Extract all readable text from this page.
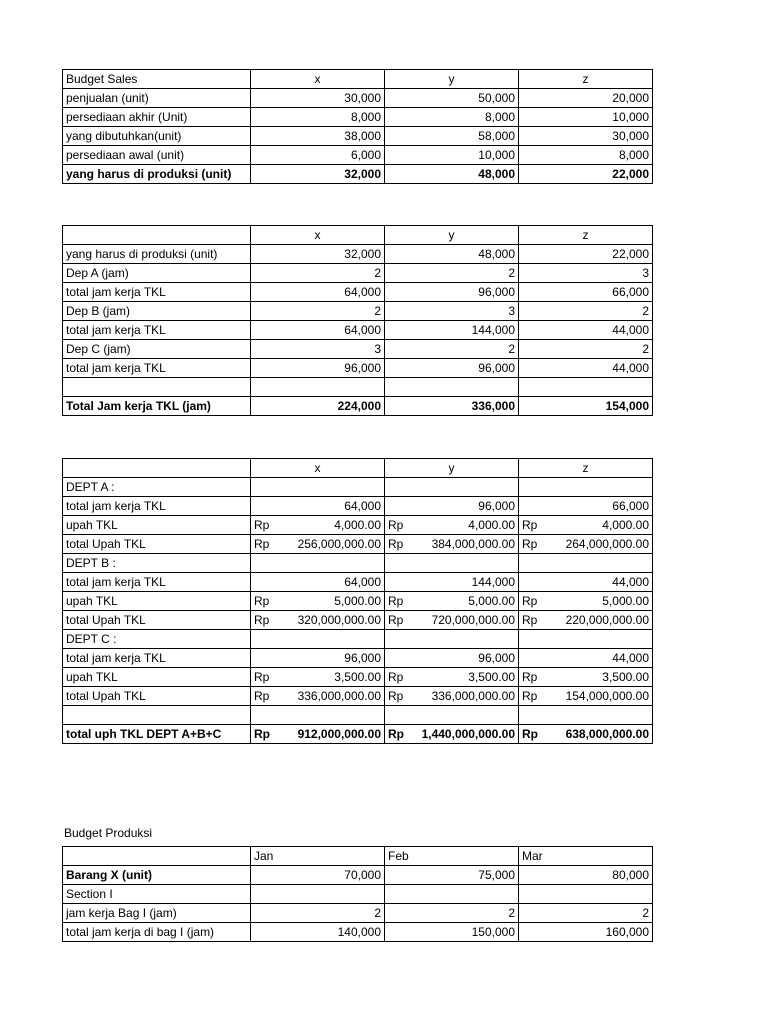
Budget Sales	x	y	z
penjualan (unit)	30,000	50,000	20,000
persediaan akhir (Unit)	8,000	8,000	10,000
yang dibutuhkan(unit)	38,000	58,000	30,000
persediaan awal (unit)	6,000	10,000	8,000
yang harus di produksi (unit)	32,000	48,000	22,000
	x	y	z
yang harus di produksi (unit)	32,000	48,000	22,000
Dep A (jam)	2	2	3
total jam kerja TKL	64,000	96,000	66,000
Dep B (jam)	2	3	2
total jam kerja TKL	64,000	144,000	44,000
Dep C (jam)	3	2	2
total jam kerja TKL	96,000	96,000	44,000

Total Jam kerja TKL (jam)	224,000	336,000	154,000
	x	y	z
DEPT A :			
total jam kerja TKL	64,000	96,000	66,000
upah TKL	Rp 4,000.00	Rp 4,000.00	Rp 4,000.00

total Upah TKL	Rp 256,000,000.00	Rp 384,000,000.00	Rp 264,000,000.00

DEPT B :			
total jam kerja TKL	64,000	144,000	44,000
upah TKL	Rp 5,000.00	Rp 5,000.00	Rp 5,000.00

total Upah TKL	Rp 320,000,000.00	Rp 720,000,000.00	Rp 220,000,000.00

DEPT C :			
total jam kerja TKL	96,000	96,000	44,000
upah TKL	Rp 3,500.00	Rp 3,500.00	Rp 3,500.00

total Upah TKL	Rp 336,000,000.00	Rp 336,000,000.00	Rp 154,000,000.00

total uph TKL DEPT A+B+C	Rp 912,000,000.00	Rp 1,440,000,000.00	Rp 638,000,000.00
Budget Produksi
	Jan	Feb	Mar
Barang X (unit)	70,000	75,000	80,000
Section I			
jam kerja Bag I (jam)	2	2	2
total jam kerja di bag I (jam)	140,000	150,000	160,000
